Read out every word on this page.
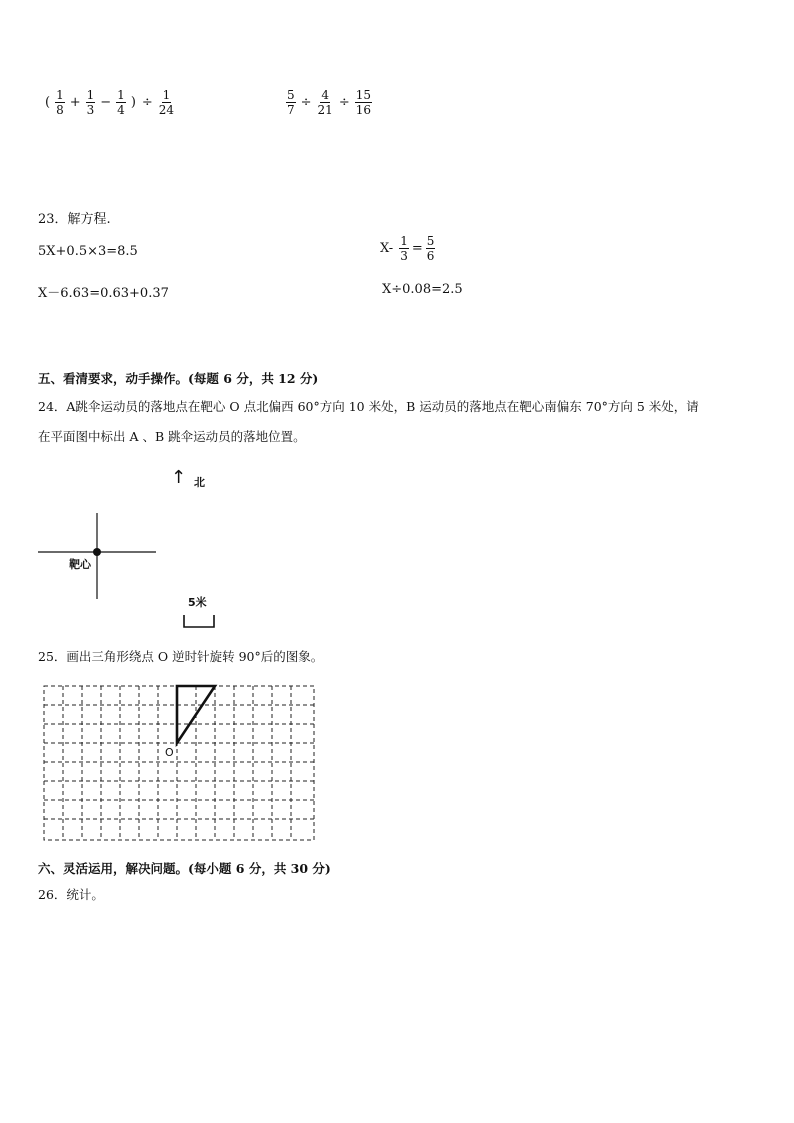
( $\frac{1}{8} + \frac{1}{3} - \frac{1}{4}$ ) ÷ $\frac{1}{24}$	$\frac{5}{7} \div \frac{4}{21} \div \frac{15}{16}$
23．解方程.
5X+0.5×3=8.5	$X- \frac{1}{3} = \frac{5}{6}$
X－6.63=0.63+0.37	X÷0.08=2.5
五、看清要求，动手操作。(每题 6 分，共 12 分)
24．A跳伞运动员的落地点在靶心 O 点北偏西 60°方向 10 米处，B 运动员的落地点在靶心南偏东 70°方向 5 米处，请
在平面图中标出 A 、B 跳伞运动员的落地位置。
↑ 北
靶心
5米
25．画出三角形绕点 O 逆时针旋转 90°后的图象。
O
六、灵活运用，解决问题。(每小题 6 分，共 30 分)
26．统计。
